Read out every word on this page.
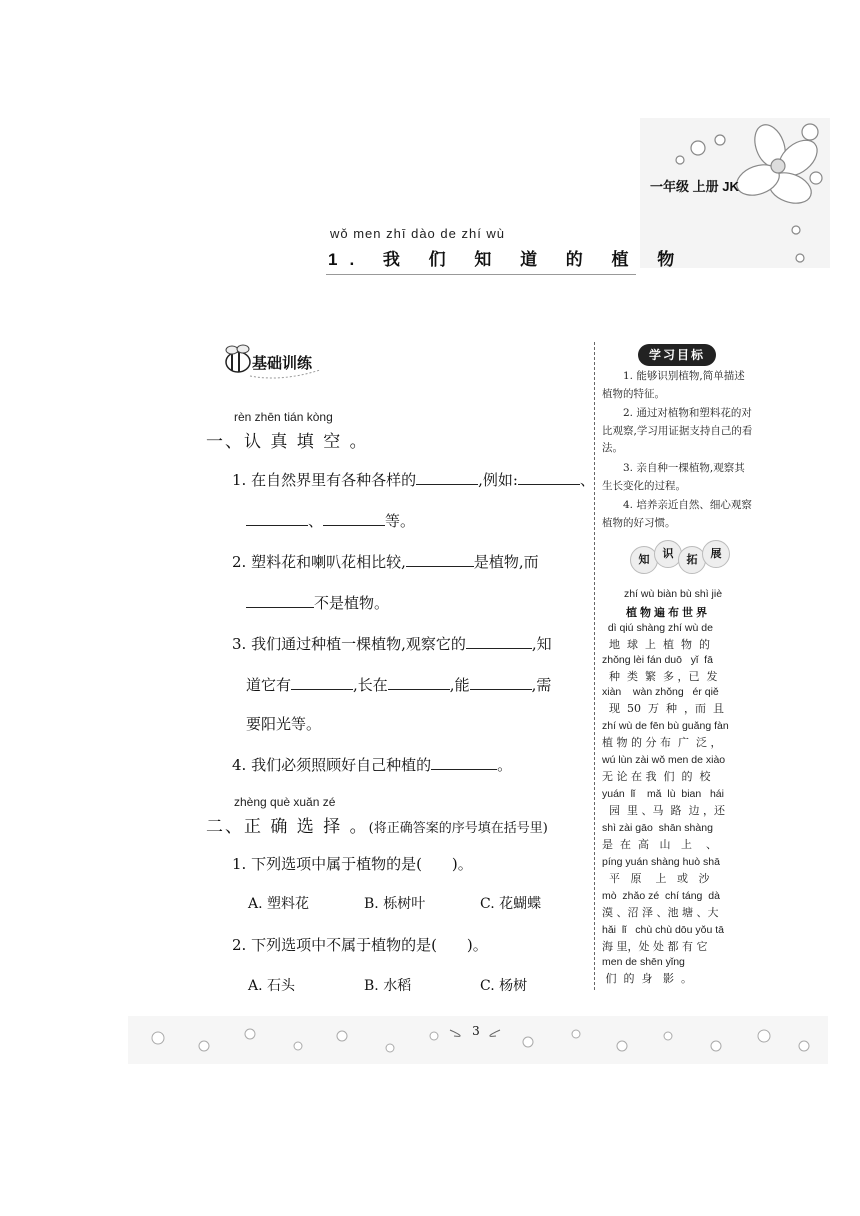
一年级 上册 JK
wǒ men zhī dào de zhí wù
1. 我 们 知 道 的 植 物
基础训练
rèn zhēn tián kòng
一、认 真 填 空 。
1. 在自然界里有各种各样的	,例如:	、
、	等。
2. 塑料花和喇叭花相比较,	是植物,而
不是植物。
3. 我们通过种植一棵植物,观察它的	,知
道它有	,长在	,能	,需
要阳光等。
4. 我们必须照顾好自己种植的	。
zhèng què xuǎn zé
二、正 确 选 择 。(将正确答案的序号填在括号里)
1. 下列选项中属于植物的是(　　)。
A. 塑料花	B. 栎树叶	C. 花蝴蝶
2. 下列选项中不属于植物的是(　　)。
A. 石头	B. 水稻	C. 杨树
学习目标
1. 能够识别植物,简单描述植物的特征。
2. 通过对植物和塑料花的对比观察,学习用证据支持自己的看法。
3. 亲自种一棵植物,观察其生长变化的过程。
4. 培养亲近自然、细心观察植物的好习惯。
知	识	拓	展
zhí wù biàn bù shì jiè
植物遍布世界
dì qiú shàng zhí wù de
地  球  上  植  物  的
zhǒng lèi fán duō   yǐ  fā
种  类  繁  多 ，已  发
xiàn    wàn zhǒng   ér qiě
现  50  万  种  ，而  且
zhí wù de fēn bù guǎng fàn
植 物 的 分 布  广  泛 ，
wú lùn zài wǒ men de xiào
无 论 在 我  们  的  校
yuán  lǐ    mǎ  lù  bian   hái
园  里 、马  路  边 ，还
shì zài gāo  shān shàng
是  在  高   山   上    、
píng yuán shàng huò shā
平   原    上   或   沙
mò  zhǎo zé  chí táng  dà
漠 、沼 泽 、池 塘 、大
hǎi  lǐ   chù chù dōu yǒu tā
海 里，处 处 都 有 它
men de shēn yǐng
们  的  身   影  。
3
